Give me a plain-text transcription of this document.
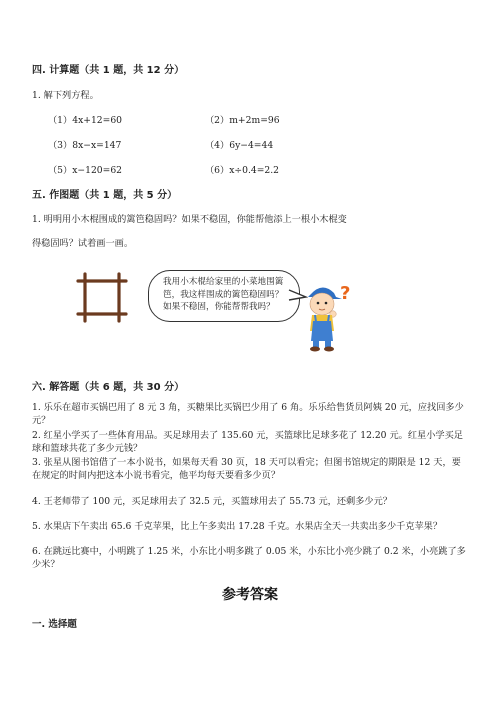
四. 计算题（共 1 题，共 12 分）
1. 解下列方程。
（1）4x+12=60	（2）m+2m=96
（3）8x−x=147	（4）6y−4=44
（5）x−120=62	（6）x÷0.4=2.2
五. 作图题（共 1 题，共 5 分）
1. 明明用小木棍围成的篱笆稳固吗？如果不稳固，你能帮他添上一根小木棍变
得稳固吗？试着画一画。
我用小木棍给家里的小菜地围篱
笆，我这样围成的篱笆稳固吗？
如果不稳固，你能帮帮我吗？
?
六. 解答题（共 6 题，共 30 分）
1. 乐乐在超市买锅巴用了 8 元 3 角，买糖果比买锅巴少用了 6 角。乐乐给售货员阿姨 20 元，应找回多少元？
2. 红星小学买了一些体育用品。买足球用去了 135.60 元，买篮球比足球多花了 12.20 元。红星小学买足球和篮球共花了多少元钱？
3. 张星从图书馆借了一本小说书，如果每天看 30 页，18 天可以看完；但图书馆规定的期限是 12 天，要在规定的时间内把这本小说书看完，他平均每天要看多少页？
4. 王老师带了 100 元，买足球用去了 32.5 元，买篮球用去了 55.73 元，还剩多少元？
5. 水果店下午卖出 65.6 千克苹果，比上午多卖出 17.28 千克。水果店全天一共卖出多少千克苹果？
6. 在跳远比赛中，小明跳了 1.25 米，小东比小明多跳了 0.05 米，小东比小亮少跳了 0.2 米，小亮跳了多少米？
参考答案
一. 选择题
